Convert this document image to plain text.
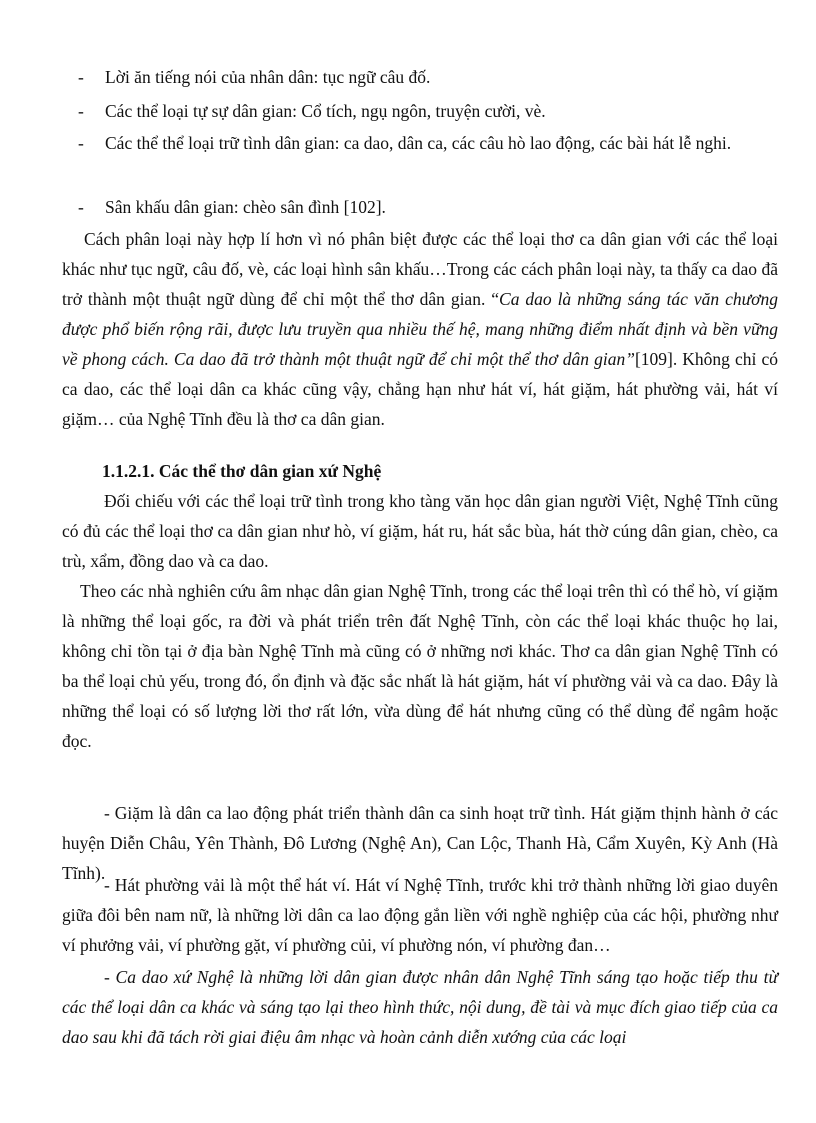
- Lời ăn tiếng nói của nhân dân: tục ngữ câu đố.
- Các thể loại tự sự dân gian: Cổ tích, ngụ ngôn, truyện cười, vè.
- Các thể thể loại trữ tình dân gian: ca dao, dân ca, các câu hò lao động, các bài hát lễ nghi.
- Sân khấu dân gian: chèo sân đình [102].
Cách phân loại này hợp lí hơn vì nó phân biệt được các thể loại thơ ca dân gian với các thể loại khác như tục ngữ, câu đố, vè, các loại hình sân khấu…Trong các cách phân loại này, ta thấy ca dao đã trở thành một thuật ngữ dùng để chỉ một thể thơ dân gian. “Ca dao là những sáng tác văn chương được phổ biến rộng rãi, được lưu truyền qua nhiều thế hệ, mang những điểm nhất định và bền vững về phong cách. Ca dao đã trở thành một thuật ngữ để chỉ một thể thơ dân gian”[109]. Không chỉ có ca dao, các thể loại dân ca khác cũng vậy, chẳng hạn như hát ví, hát giặm, hát phường vải, hát ví giặm… của Nghệ Tĩnh đều là thơ ca dân gian.
1.1.2.1. Các thể thơ dân gian xứ Nghệ
Đối chiếu với các thể loại trữ tình trong kho tàng văn học dân gian người Việt, Nghệ Tĩnh cũng có đủ các thể loại thơ ca dân gian như hò, ví giặm, hát ru, hát sắc bùa, hát thờ cúng dân gian, chèo, ca trù, xẩm, đồng dao và ca dao.
Theo các nhà nghiên cứu âm nhạc dân gian Nghệ Tĩnh, trong các thể loại trên thì có thể hò, ví giặm là những thể loại gốc, ra đời và phát triển trên đất Nghệ Tĩnh, còn các thể loại khác thuộc họ lai, không chỉ tồn tại ở địa bàn Nghệ Tĩnh mà cũng có ở những nơi khác. Thơ ca dân gian Nghệ Tĩnh có ba thể loại chủ yếu, trong đó, ổn định và đặc sắc nhất là hát giặm, hát ví phường vải và ca dao. Đây là những thể loại có số lượng lời thơ rất lớn, vừa dùng để hát nhưng cũng có thể dùng để ngâm hoặc đọc.
- Giặm là dân ca lao động phát triển thành dân ca sinh hoạt trữ tình. Hát giặm thịnh hành ở các huyện Diễn Châu, Yên Thành, Đô Lương (Nghệ An), Can Lộc, Thanh Hà, Cẩm Xuyên, Kỳ Anh (Hà Tĩnh).
- Hát phường vải là một thể hát ví. Hát ví Nghệ Tĩnh, trước khi trở thành những lời giao duyên giữa đôi bên nam nữ, là những lời dân ca lao động gắn liền với nghề nghiệp của các hội, phường như ví phưởng vải, ví phường gặt, ví phường củi, ví phường nón, ví phường đan…
- Ca dao xứ Nghệ là những lời dân gian được nhân dân Nghệ Tĩnh sáng tạo hoặc tiếp thu từ các thể loại dân ca khác và sáng tạo lại theo hình thức, nội dung, đề tài và mục đích giao tiếp của ca dao sau khi đã tách rời giai điệu âm nhạc và hoàn cảnh diễn xướng của các loại
